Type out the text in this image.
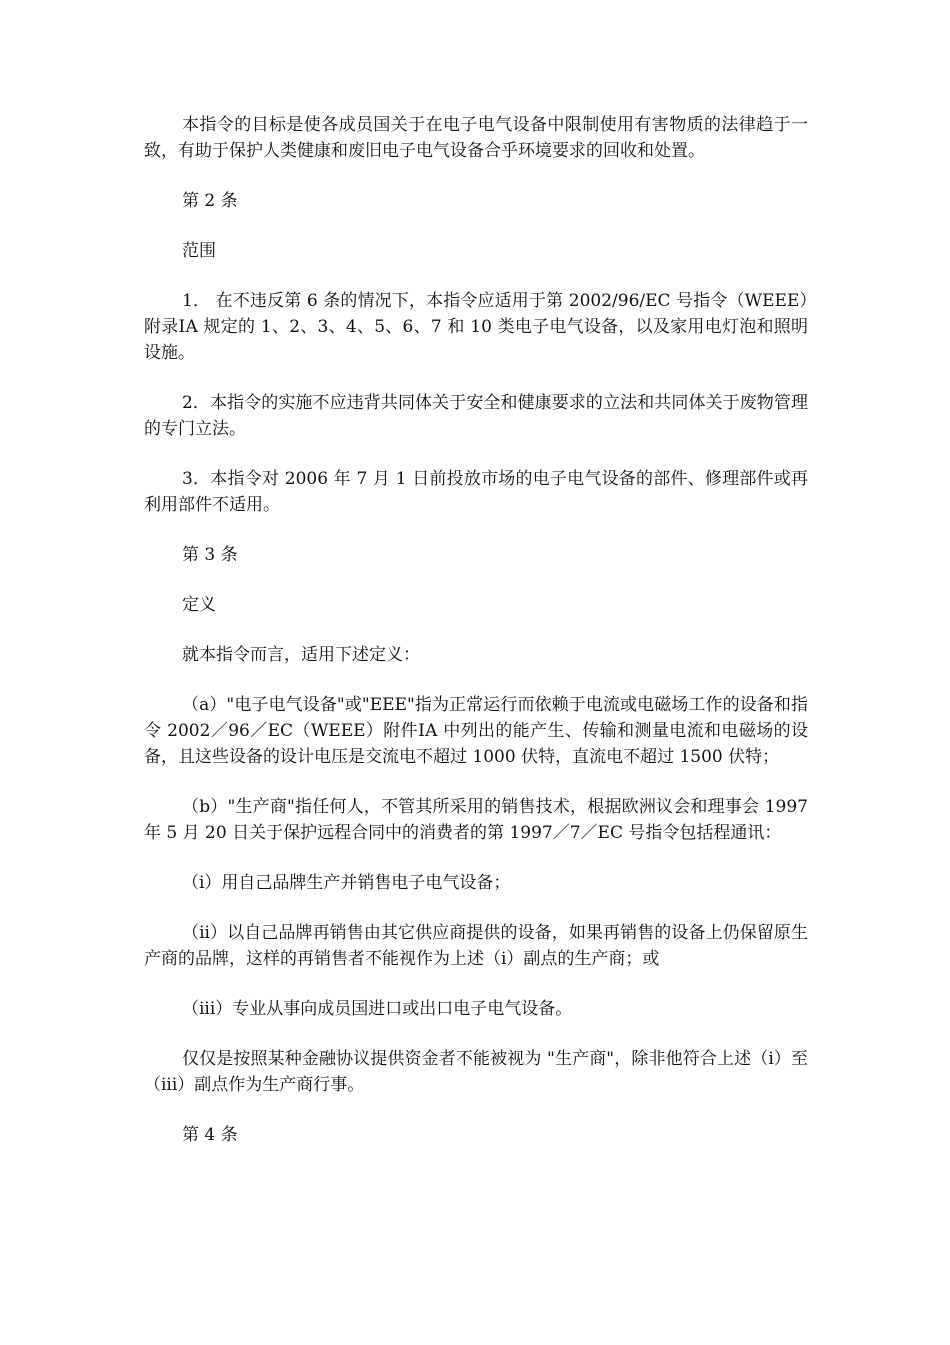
本指令的目标是使各成员国关于在电子电气设备中限制使用有害物质的法律趋于一致，有助于保护人类健康和废旧电子电气设备合乎环境要求的回收和处置。

第 2 条

范围

1． 在不违反第 6 条的情况下，本指令应适用于第 2002/96/EC 号指令（WEEE）附录ⅠA 规定的 1、2、3、4、5、6、7 和 10 类电子电气设备，以及家用电灯泡和照明设施。

2．本指令的实施不应违背共同体关于安全和健康要求的立法和共同体关于废物管理的专门立法。

3．本指令对 2006 年 7 月 1 日前投放市场的电子电气设备的部件、修理部件或再利用部件不适用。

第 3 条

定义

就本指令而言，适用下述定义：

（a）"电子电气设备"或"EEE"指为正常运行而依赖于电流或电磁场工作的设备和指令 2002／96／EC（WEEE）附件ⅠA 中列出的能产生、传输和测量电流和电磁场的设备，且这些设备的设计电压是交流电不超过 1000 伏特，直流电不超过 1500 伏特；

（b）"生产商"指任何人，不管其所采用的销售技术，根据欧洲议会和理事会 1997 年 5 月 20 日关于保护远程合同中的消费者的第 1997／7／EC 号指令包括程通讯：

（i）用自己品牌生产并销售电子电气设备；

（ii）以自己品牌再销售由其它供应商提供的设备，如果再销售的设备上仍保留原生产商的品牌，这样的再销售者不能视作为上述（i）副点的生产商；或

（iii）专业从事向成员国进口或出口电子电气设备。

仅仅是按照某种金融协议提供资金者不能被视为 "生产商"，除非他符合上述（i）至（iii）副点作为生产商行事。

第 4 条
